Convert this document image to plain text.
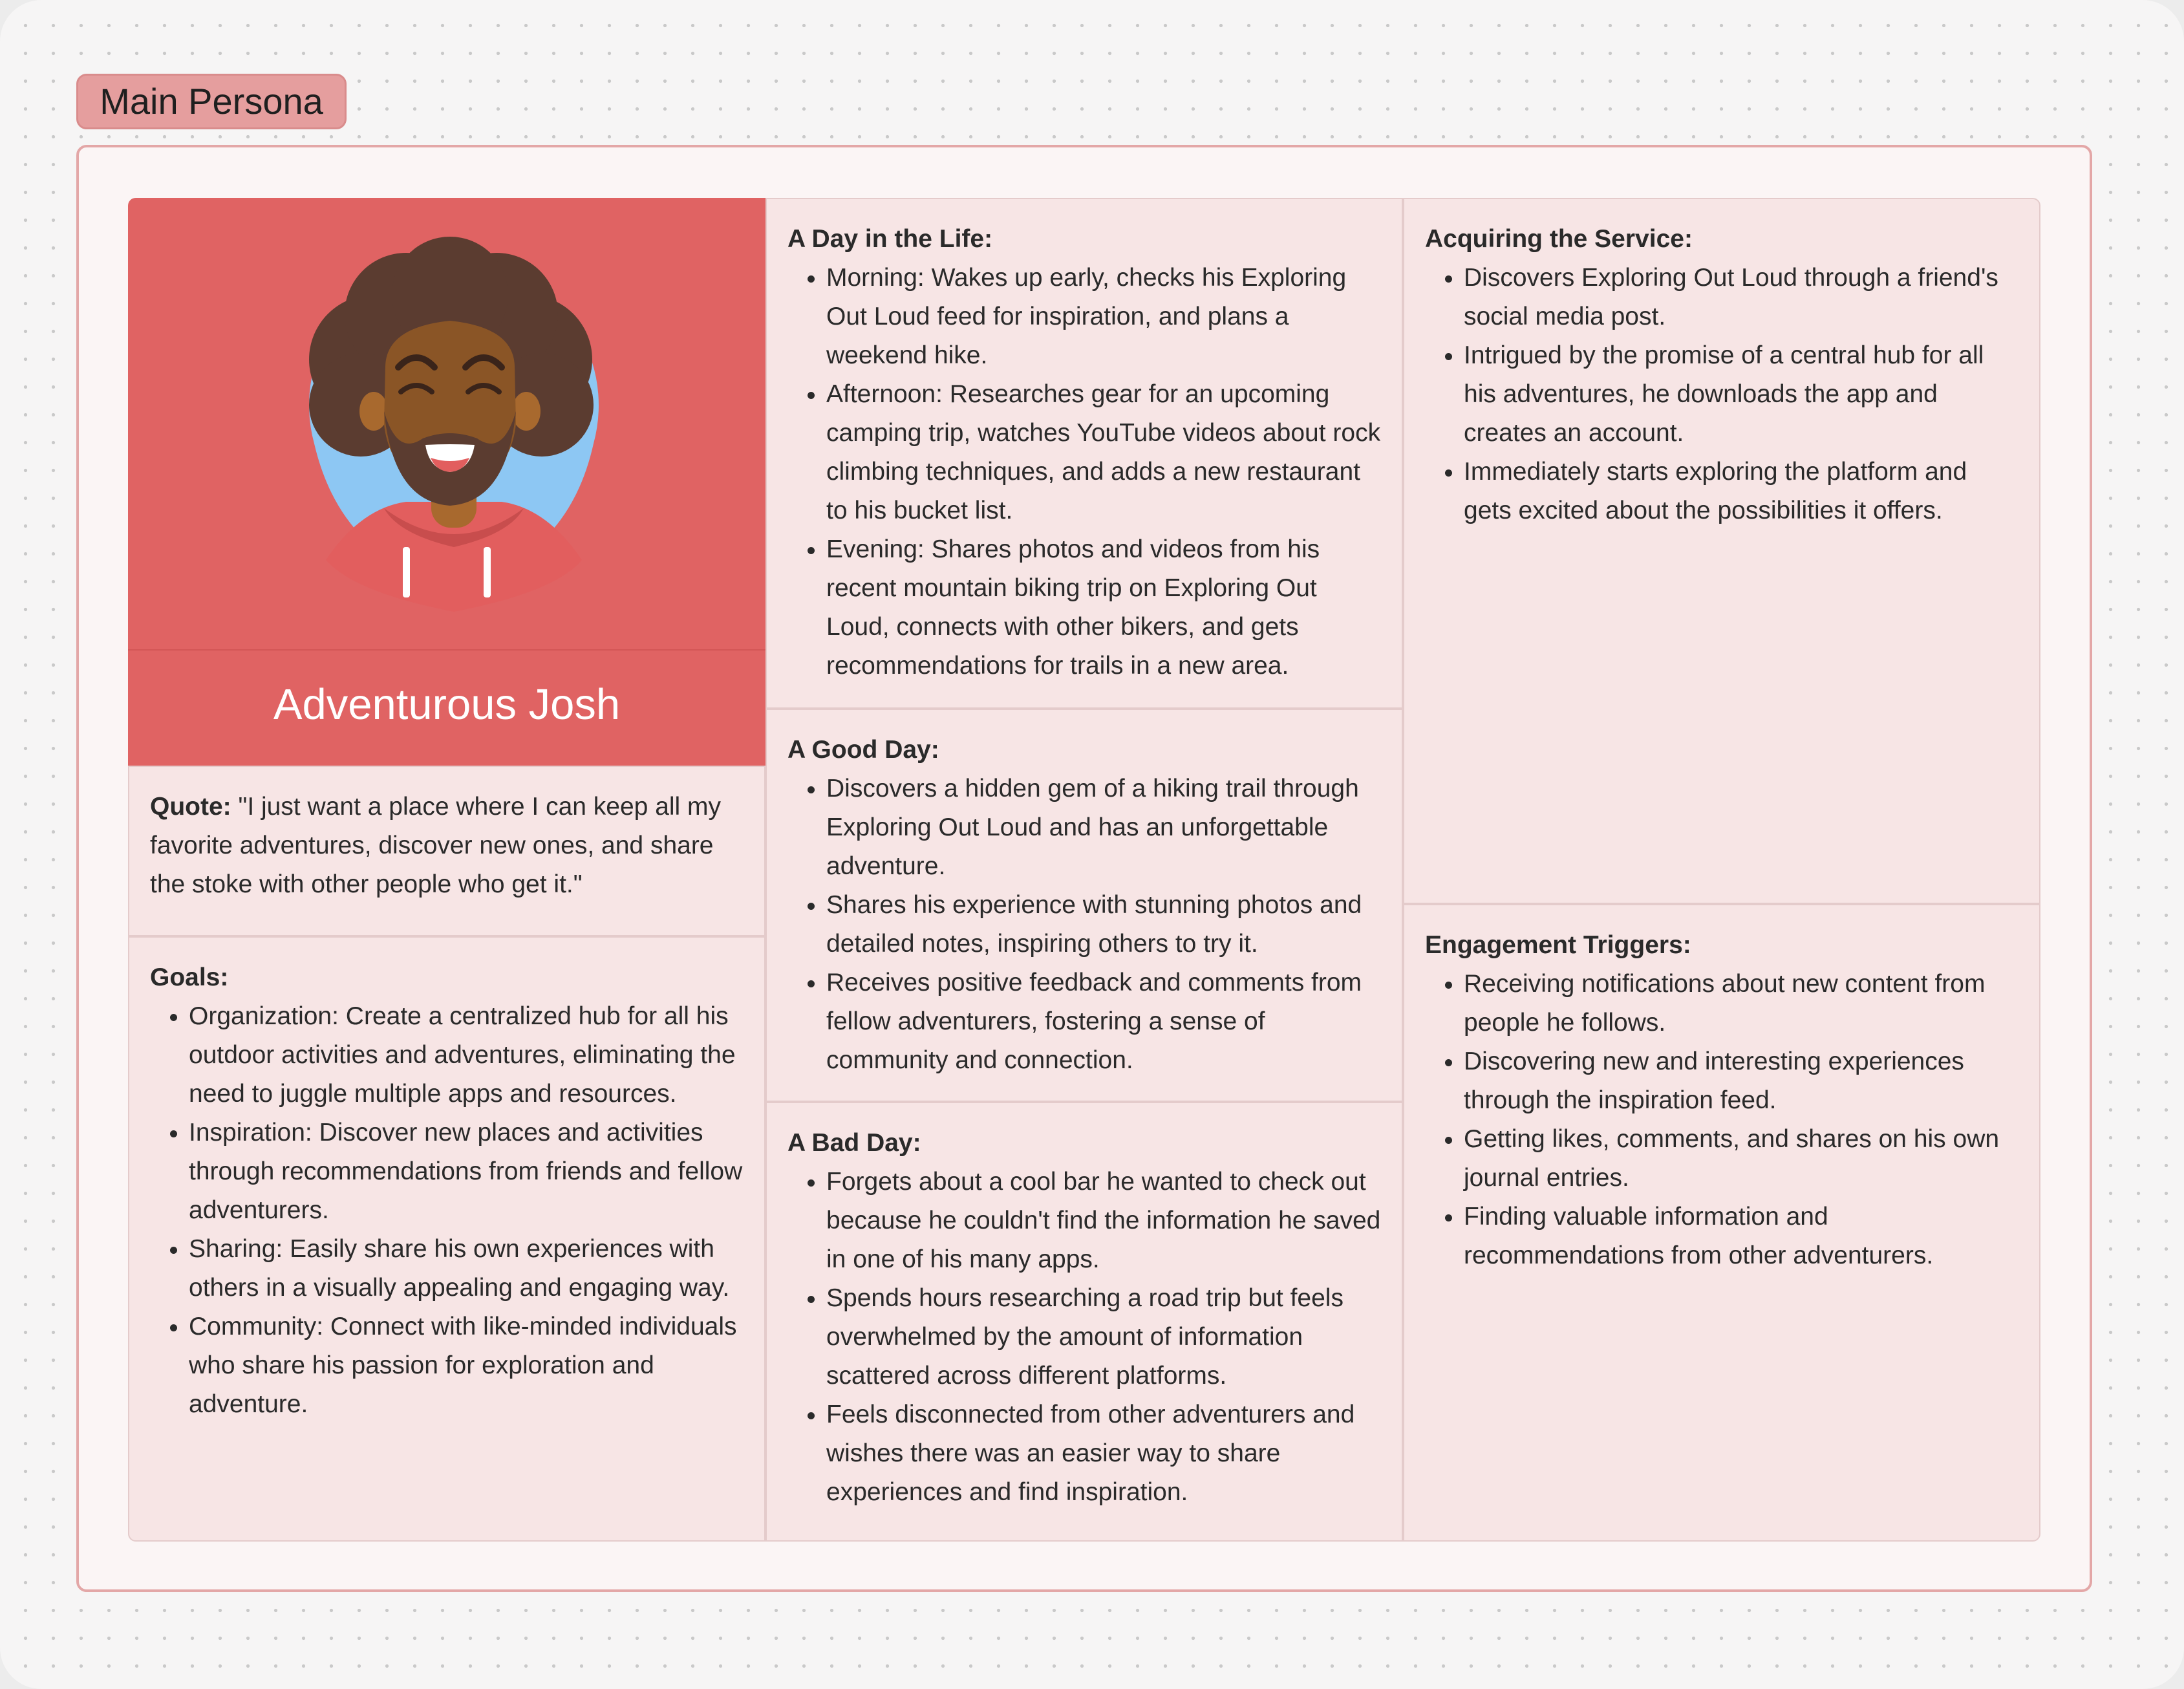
Main Persona
Adventurous Josh
Quote: "I just want a place where I can keep all my favorite adventures, discover new ones, and share the stoke with other people who get it."
Goals:
• Organization: Create a centralized hub for all his outdoor activities and adventures, eliminating the need to juggle multiple apps and resources.
• Inspiration: Discover new places and activities through recommendations from friends and fellow adventurers.
• Sharing: Easily share his own experiences with others in a visually appealing and engaging way.
• Community: Connect with like-minded individuals who share his passion for exploration and adventure.
A Day in the Life:
• Morning: Wakes up early, checks his Exploring Out Loud feed for inspiration, and plans a weekend hike.
• Afternoon: Researches gear for an upcoming camping trip, watches YouTube videos about rock climbing techniques, and adds a new restaurant to his bucket list.
• Evening: Shares photos and videos from his recent mountain biking trip on Exploring Out Loud, connects with other bikers, and gets recommendations for trails in a new area.
A Good Day:
• Discovers a hidden gem of a hiking trail through Exploring Out Loud and has an unforgettable adventure.
• Shares his experience with stunning photos and detailed notes, inspiring others to try it.
• Receives positive feedback and comments from fellow adventurers, fostering a sense of community and connection.
A Bad Day:
• Forgets about a cool bar he wanted to check out because he couldn't find the information he saved in one of his many apps.
• Spends hours researching a road trip but feels overwhelmed by the amount of information scattered across different platforms.
• Feels disconnected from other adventurers and wishes there was an easier way to share experiences and find inspiration.
Acquiring the Service:
• Discovers Exploring Out Loud through a friend's social media post.
• Intrigued by the promise of a central hub for all his adventures, he downloads the app and creates an account.
• Immediately starts exploring the platform and gets excited about the possibilities it offers.
Engagement Triggers:
• Receiving notifications about new content from people he follows.
• Discovering new and interesting experiences through the inspiration feed.
• Getting likes, comments, and shares on his own journal entries.
• Finding valuable information and recommendations from other adventurers.
